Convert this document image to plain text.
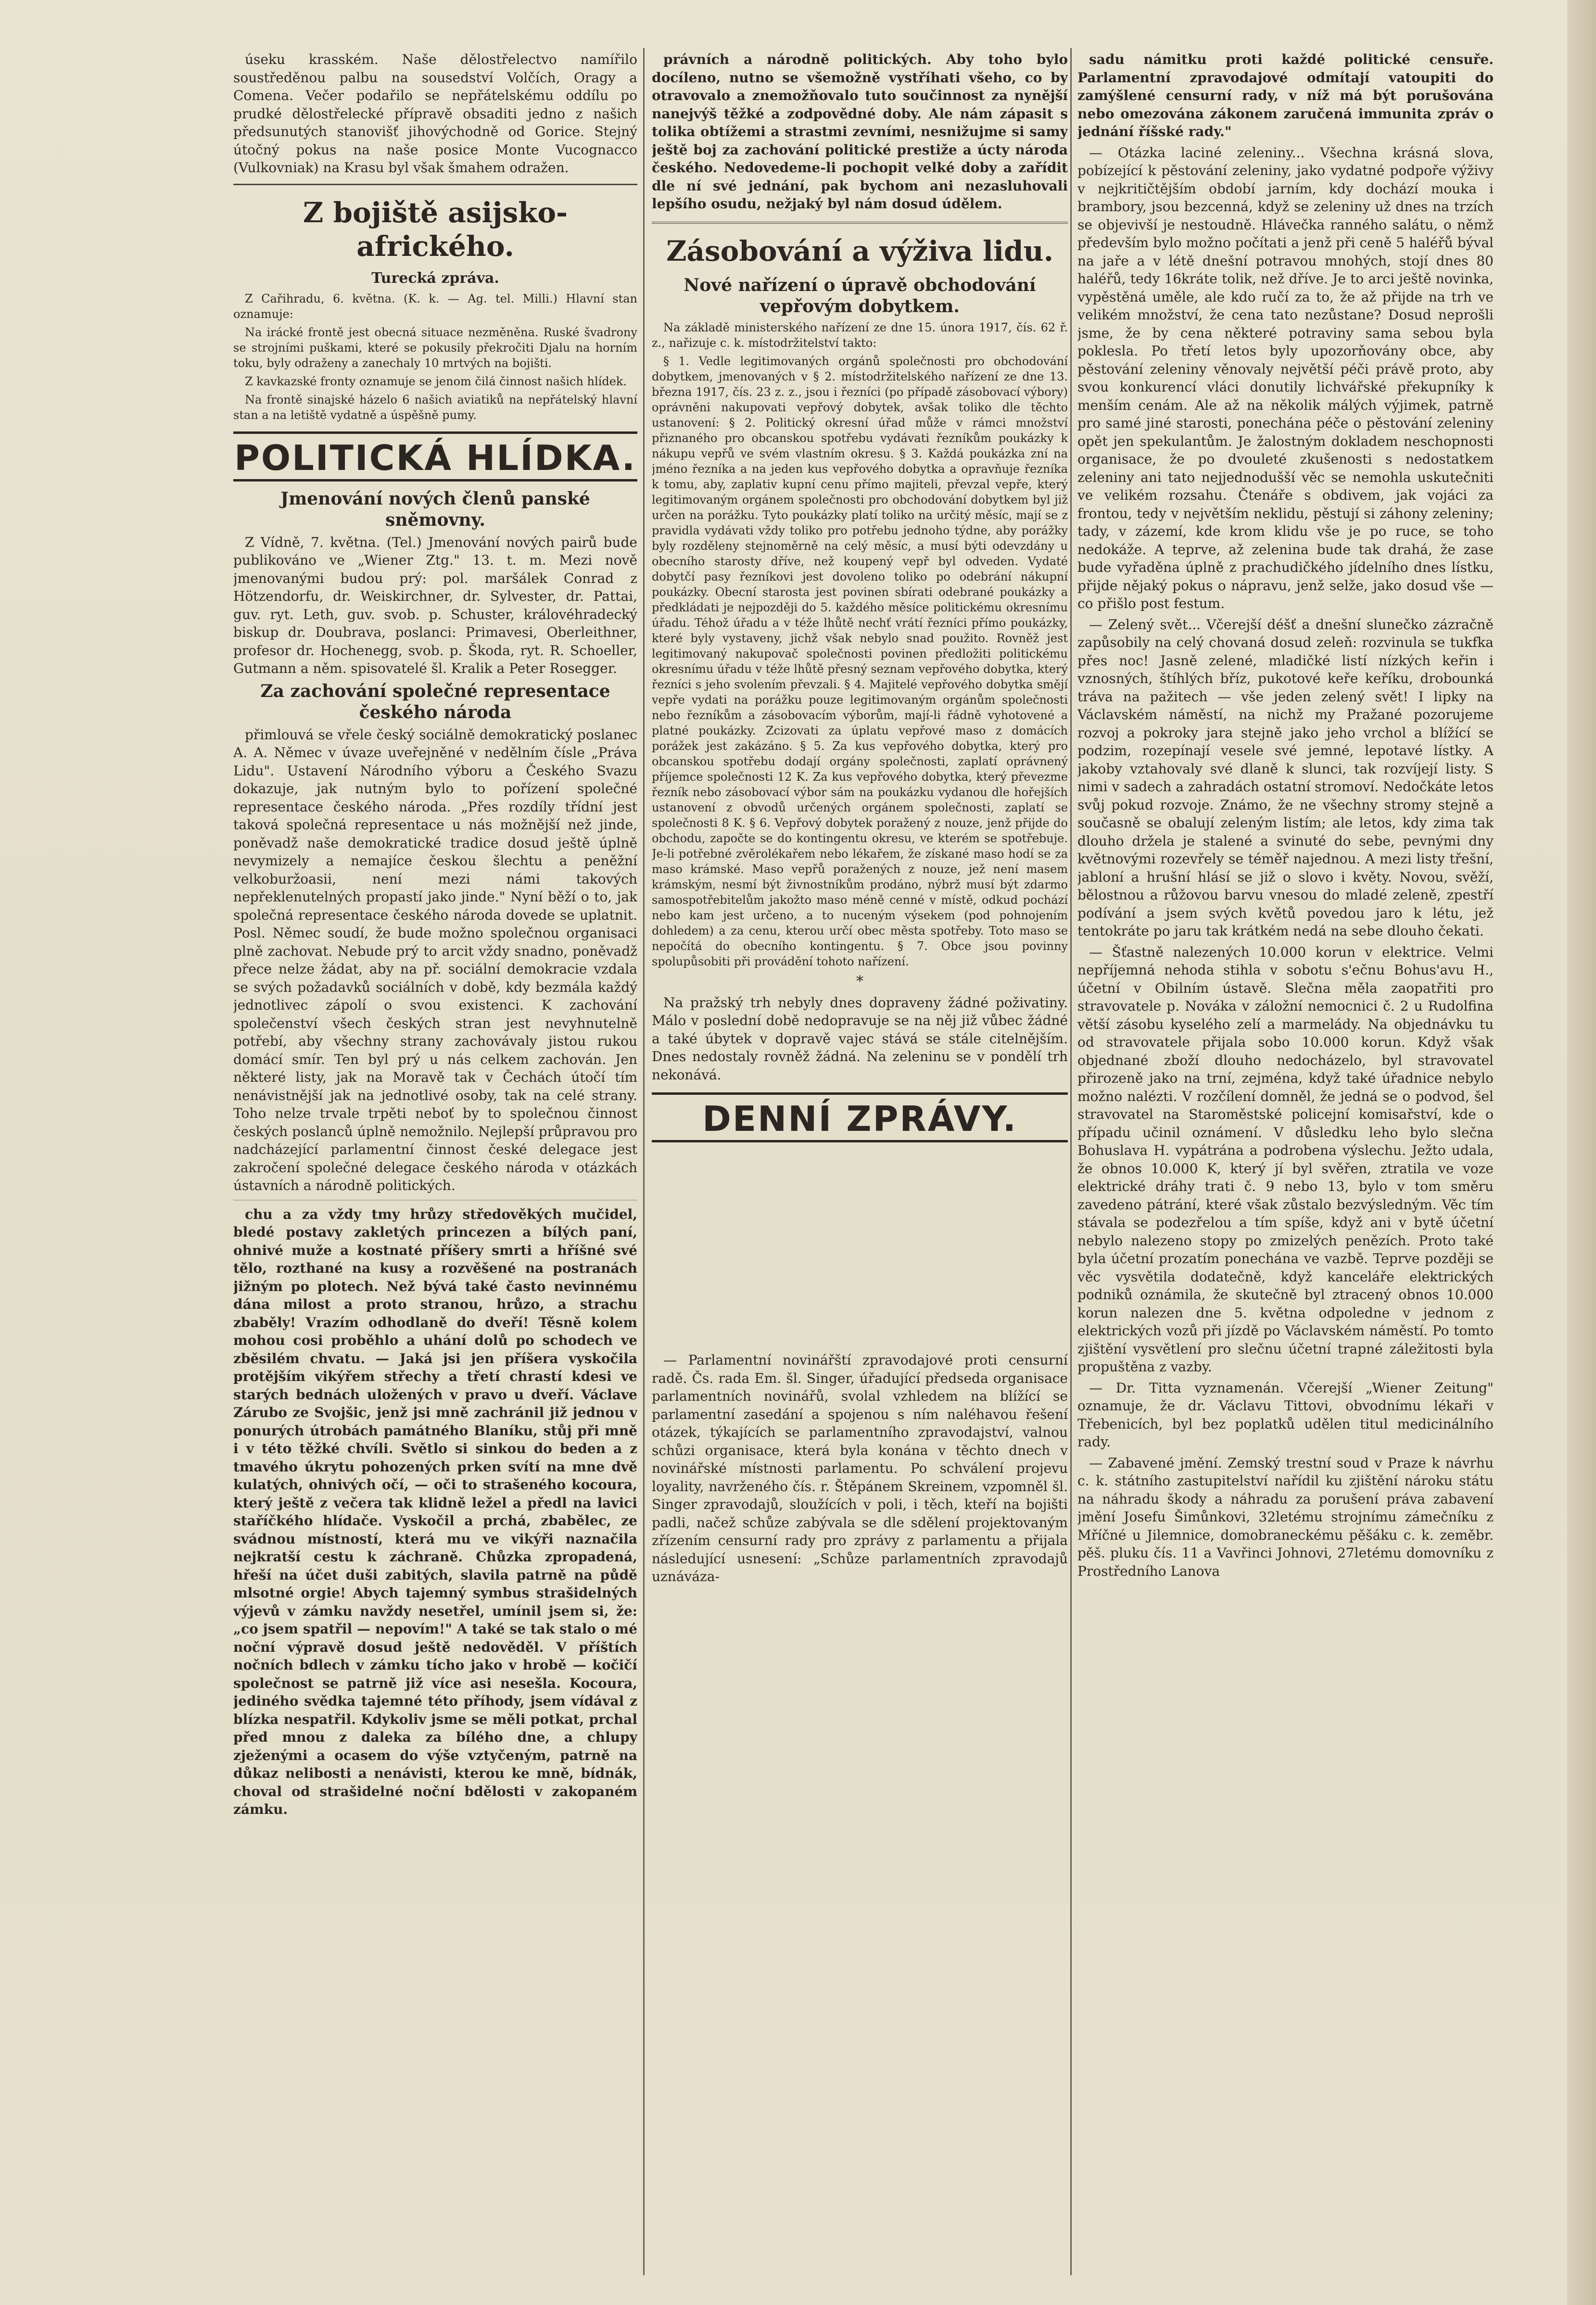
úseku krasském. Naše dělostřelectvo namířilo soustředěnou palbu na sousedství Volčích, Oragy a Comena. Večer podařilo se nepřátelskému oddílu po prudké dělostřelecké přípravě obsaditi jedno z našich předsunutých stanovišť jihovýchodně od Gorice. Stejný útočný pokus na naše posice Monte Vucognacco (Vulkovniak) na Krasu byl však šmahem odražen.

Z bojiště asijsko-afrického.
Turecká zpráva.

Z Cařihradu, 6. května. (K. k. — Ag. tel. Milli.) Hlavní stan oznamuje:

Na irácké frontě jest obecná situace nezměněna. Ruské švadrony se strojními puškami, které se pokusily překročiti Djalu na horním toku, byly odraženy a zanechaly 10 mrtvých na bojišti.

Z kavkazské fronty oznamuje se jenom čilá činnost našich hlídek.

Na frontě sinajské házelo 6 našich aviatiků na nepřátelský hlavní stan a na letiště vydatně a úspěšně pumy.

POLITICKÁ HLÍDKA.
Jmenování nových členů panské sněmovny.

Z Vídně, 7. května. (Tel.) Jmenování nových pairů bude publikováno ve „Wiener Ztg." 13. t. m. Mezi nově jmenovanými budou prý: pol. maršálek Conrad z Hötzendorfu, dr. Weiskirchner, dr. Sylvester, dr. Pattai, guv. ryt. Leth, guv. svob. p. Schuster, královéhradecký biskup dr. Doubrava, poslanci: Primavesi, Oberleithner, profesor dr. Hochenegg, svob. p. Škoda, ryt. R. Schoeller, Gutmann a něm. spisovatelé šl. Kralik a Peter Rosegger.

Za zachování společné representace českého národa

přimlouvá se vřele český sociálně demokratický poslanec A. A. Němec v úvaze uveřejněné v nedělním čísle „Práva Lidu". Ustavení Národního výboru a Českého Svazu dokazuje, jak nutným bylo to pořízení společné representace českého národa. „Přes rozdíly třídní jest taková společná representace u nás možnější než jinde, poněvadž naše demokratické tradice dosud ještě úplně nevymizely a nemajíce českou šlechtu a peněžní velkoburžoasii, není mezi námi takových nepřeklenutelných propastí jako jinde." Nyní běží o to, jak společná representace českého národa dovede se uplatnit. Posl. Němec soudí, že bude možno společnou organisaci plně zachovat. Nebude prý to arcit vždy snadno, poněvadž přece nelze žádat, aby na př. sociální demokracie vzdala se svých požadavků sociálních v době, kdy bezmála každý jednotlivec zápolí o svou existenci. K zachování společenství všech českých stran jest nevyhnutelně potřebí, aby všechny strany zachovávaly jistou rukou domácí smír. Ten byl prý u nás celkem zachován. Jen některé listy, jak na Moravě tak v Čechách útočí tím nenávistnější jak na jednotlivé osoby, tak na celé strany. Toho nelze trvale trpěti neboť by to společnou činnost českých poslanců úplně nemožnilo. Nejlepší průpravou pro nadcházející parlamentní činnost české delegace jest zakročení společné delegace českého národa v otázkách ústavních a národně politických.

chu a za vždy tmy hrůzy středověkých mučidel, bledé postavy zakletých princezen a bílých paní, ohnivé muže a kostnaté příšery smrti a hříšné své tělo, rozthané na kusy a rozvěšené na postranách jižným po plotech. Než bývá také často nevinnému dána milost a proto stranou, hrůzo, a strachu zbaběly! Vrazím odhodlaně do dveří! Těsně kolem mohou cosi proběhlo a uhání dolů po schodech ve zběsilém chvatu. — Jaká jsi jen příšera vyskočila protějším vikýřem střechy a třetí chrastí kdesi ve starých bednách uložených v pravo u dveří. Václave Zárubo ze Svojšic, jenž jsi mně zachránil již jednou v ponurých útrobách památného Blaníku, stůj při mně i v této těžké chvíli. Světlo si sinkou do beden a z tmavého úkrytu pohozených prken svítí na mne dvě kulatých, ohnivých očí, — oči to strašeného kocoura, který ještě z večera tak klidně ležel a předl na lavici staříčkého hlídače. Vyskočil a prchá, zbabělec, ze svádnou místností, která mu ve vikýři naznačila nejkratší cestu k záchraně. Chůzka zpropadená, hřeší na účet duši zabitých, slavila patrně na půdě mlsotné orgie! Abych tajemný symbus strašidelných výjevů v zámku navždy nesetřel, umínil jsem si, že: „co jsem spatřil — nepovím!" A také se tak stalo o mé noční výpravě dosud ještě nedověděl. V příštích nočních bdlech v zámku tícho jako v hrobě — kočičí společnost se patrně již více asi nesešla. Kocoura, jediného svědka tajemné této příhody, jsem vídával z blízka nespatřil. Kdykoliv jsme se měli potkat, prchal před mnou z daleka za bílého dne, a chlupy zježenými a ocasem do výše vztyčeným, patrně na důkaz nelibosti a nenávisti, kterou ke mně, bídnák, choval od strašidelné noční bdělosti v zakopaném zámku.

právních a národně politických. Aby toho bylo docíleno, nutno se všemožně vystříhati všeho, co by otravovalo a znemožňovalo tuto součinnost za nynější nanejvýš těžké a zodpovědné doby. Ale nám zápasit s tolika obtížemi a strastmi zevními, nesnižujme si samy ještě boj za zachování politické prestiže a úcty národa českého. Nedovedeme-li pochopit velké doby a zařídit dle ní své jednání, pak bychom ani nezasluhovali lepšího osudu, nežjaký byl nám dosud údělem.

Zásobování a výživa lidu.
Nové nařízení o úpravě obchodování vepřovým dobytkem.

Na základě ministerského nařízení ze dne 15. února 1917, čís. 62 ř. z., nařizuje c. k. místodržitelství takto:

§ 1. Vedle legitimovaných orgánů společnosti pro obchodování dobytkem, jmenovaných v § 2. místodržitelského nařízení ze dne 13. března 1917, čís. 23 z. z., jsou i řezníci (po případě zásobovací výbory) oprávněni nakupovati vepřový dobytek, avšak toliko dle těchto ustanovení: § 2. Politický okresní úřad může v rámci množství přiznaného pro obcanskou spotřebu vydávati řezníkům poukázky k nákupu vepřů ve svém vlastním okresu. § 3. Každá poukázka zní na jméno řezníka a na jeden kus vepřového dobytka a opravňuje řezníka k tomu, aby, zaplativ kupní cenu přímo majiteli, převzal vepře, který legitimovaným orgánem společnosti pro obchodování dobytkem byl již určen na porážku. Tyto poukázky platí toliko na určitý měsíc, mají se z pravidla vydávati vždy toliko pro potřebu jednoho týdne, aby porážky byly rozděleny stejnoměrně na celý měsíc, a musí býti odevzdány u obecního starosty dříve, než koupený vepř byl odveden. Vydaté dobytčí pasy řezníkovi jest dovoleno toliko po odebrání nákupní poukázky. Obecní starosta jest povinen sbírati odebrané poukázky a předkládati je nejpozději do 5. každého měsíce politickému okresnímu úřadu. Téhož úřadu a v téže lhůtě nechť vrátí řezníci přímo poukázky, které byly vystaveny, jichž však nebylo snad použito. Rovněž jest legitimovaný nakupovač společnosti povinen předložiti politickému okresnímu úřadu v téže lhůtě přesný seznam vepřového dobytka, který řezníci s jeho svolením převzali. § 4. Majitelé vepřového dobytka smějí vepře vydati na porážku pouze legitimovaným orgánům společnosti nebo řezníkům a zásobovacím výborům, mají-li řádně vyhotovené a platné poukázky. Zcizovati za úplatu vepřové maso z domácích porážek jest zakázáno. § 5. Za kus vepřového dobytka, který pro obcanskou spotřebu dodají orgány společnosti, zaplatí oprávnený příjemce společnosti 12 K. Za kus vepřového dobytka, který převezme řezník nebo zásobovací výbor sám na poukázku vydanou dle hořejších ustanovení z obvodů určených orgánem společnosti, zaplatí se společnosti 8 K. § 6. Vepřový dobytek poražený z nouze, jenž přijde do obchodu, započte se do kontingentu okresu, ve kterém se spotřebuje. Je-li potřebné zvěrolékařem nebo lékařem, že získané maso hodí se za maso krámské. Maso vepřů poražených z nouze, jež není masem krámským, nesmí být živnostníkům prodáno, nýbrž musí být zdarmo samospotřebitelům jakožto maso méně cenné v místě, odkud pochází nebo kam jest určeno, a to nuceným výsekem (pod pohnojením dohledem) a za cenu, kterou určí obec města spotřeby. Toto maso se nepočítá do obecního kontingentu. § 7. Obce jsou povinny spolupůsobiti při provádění tohoto nařízení.

*

Na pražský trh nebyly dnes dopraveny žádné poživatiny. Málo v poslední době nedopravuje se na něj již vůbec žádné a také úbytek v dopravě vajec stává se stále citelnějším. Dnes nedostaly rovněž žádná. Na zeleninu se v pondělí trh nekonává.

DENNÍ ZPRÁVY.

— Parlamentní novinářští zpravodajové proti censurní radě. Čs. rada Em. šl. Singer, úřadující předseda organisace parlamentních novinářů, svolal vzhledem na blížící se parlamentní zasedání a spojenou s ním naléhavou řešení otázek, týkajících se parlamentního zpravodajství, valnou schůzi organisace, která byla konána v těchto dnech v novinářské místnosti parlamentu. Po schválení projevu loyality, navrženého čís. r. Štěpánem Skreinem, vzpomněl šl. Singer zpravodajů, sloužících v poli, i těch, kteří na bojišti padli, načež schůze zabývala se dle sdělení projektovaným zřízením censurní rady pro zprávy z parlamentu a přijala následující usnesení: „Schůze parlamentních zpravodajů uznáváza-

sadu námitku proti každé politické censuře. Parlamentní zpravodajové odmítají vatoupiti do zamýšlené censurní rady, v níž má být porušována nebo omezována zákonem zaručená immunita zpráv o jednání říšské rady."

— Otázka laciné zeleniny... Všechna krásná slova, pobízející k pěstování zeleniny, jako vydatné podpoře výživy v nejkritičtějším období jarním, kdy dochází mouka i brambory, jsou bezcenná, když se zeleniny už dnes na trzích se objevivší je nestoudně. Hlávečka ranného salátu, o němž především bylo možno počítati a jenž při ceně 5 haléřů býval na jaře a v létě dnešní potravou mnohých, stojí dnes 80 haléřů, tedy 16kráte tolik, než dříve. Je to arci ještě novinka, vypěstěná uměle, ale kdo ručí za to, že až přijde na trh ve velikém množství, že cena tato nezůstane? Dosud neprošli jsme, že by cena některé potraviny sama sebou byla poklesla. Po třetí letos byly upozorňovány obce, aby pěstování zeleniny věnovaly největší péči právě proto, aby svou konkurencí vláci donutily lichvářské překupníky k menším cenám. Ale až na několik málých výjimek, patrně pro samé jiné starosti, ponechána péče o pěstování zeleniny opět jen spekulantům. Je žalostným dokladem neschopnosti organisace, že po dvouleté zkušenosti s nedostatkem zeleniny ani tato nejjednodušší věc se nemohla uskutečniti ve velikém rozsahu. Čtenáře s obdivem, jak vojáci za frontou, tedy v největším neklidu, pěstují si záhony zeleniny; tady, v zázemí, kde krom klidu vše je po ruce, se toho nedokáže. A teprve, až zelenina bude tak drahá, že zase bude vyřaděna úplně z prachudičkého jídelního dnes lístku, přijde nějaký pokus o nápravu, jenž selže, jako dosud vše — co přišlo post festum.

— Zelený svět... Včerejší déšť a dnešní slunečko zázračně zapůsobily na celý chovaná dosud zeleň: rozvinula se tukfka přes noc! Jasně zelené, mladičké listí nízkých keřin i vznosných, štíhlých bříz, pukotové keře keříku, drobounká tráva na pažitech — vše jeden zelený svět! I lipky na Václavském náměstí, na nichž my Pražané pozorujeme rozvoj a pokroky jara stejně jako jeho vrchol a blížící se podzim, rozepínají vesele své jemné, lepotavé lístky. A jakoby vztahovaly své dlaně k slunci, tak rozvíjejí listy. S nimi v sadech a zahradách ostatní stromoví. Nedočkáte letos svůj pokud rozvoje. Známo, že ne všechny stromy stejně a současně se obalují zeleným listím; ale letos, kdy zima tak dlouho držela je stalené a svinuté do sebe, pevnými dny květnovými rozevřely se téměř najednou. A mezi listy třešní, jabloní a hrušní hlásí se již o slovo i květy. Novou, svěží, bělostnou a růžovou barvu vnesou do mladé zeleně, zpestří podívání a jsem svých květů povedou jaro k létu, jež tentokráte po jaru tak krátkém nedá na sebe dlouho čekati.

— Šťastně nalezených 10.000 korun v elektrice. Velmi nepříjemná nehoda stihla v sobotu s'ečnu Bohus'avu H., účetní v Obilním ústavě. Slečna měla zaopatřiti pro stravovatele p. Nováka v záložní nemocnici č. 2 u Rudolfina větší zásobu kyselého zelí a marmelády. Na objednávku tu od stravovatele přijala sobo 10.000 korun. Když však objednané zboží dlouho nedocházelo, byl stravovatel přirozeně jako na trní, zejména, když také úřadnice nebylo možno nalézti. V rozčílení domněl, že jedná se o podvod, šel stravovatel na Staroměstské policejní komisařství, kde o případu učinil oznámení. V důsledku leho bylo slečna Bohuslava H. vypátrána a podrobena výslechu. Ježto udala, že obnos 10.000 K, který jí byl svěřen, ztratila ve voze elektrické dráhy trati č. 9 nebo 13, bylo v tom směru zavedeno pátrání, které však zůstalo bezvýsledným. Věc tím stávala se podezřelou a tím spíše, když ani v bytě účetní nebylo nalezeno stopy po zmizelých penězích. Proto také byla účetní prozatím ponechána ve vazbě. Teprve později se věc vysvětila dodatečně, když kanceláře elektrických podniků oznámila, že skutečně byl ztracený obnos 10.000 korun nalezen dne 5. května odpoledne v jednom z elektrických vozů při jízdě po Václavském náměstí. Po tomto zjištění vysvětlení pro slečnu účetní trapné záležitosti byla propuštěna z vazby.

— Dr. Titta vyznamenán. Včerejší „Wiener Zeitung" oznamuje, že dr. Václavu Tittovi, obvodnímu lékaři v Třebenicích, byl bez poplatků udělen titul medicinálního rady.

— Zabavené jmění. Zemský trestní soud v Praze k návrhu c. k. státního zastupitelství nařídil ku zjištění nároku státu na náhradu škody a náhradu za porušení práva zabavení jmění Josefu Šimůnkovi, 32letému strojnímu zámečníku z Mříčné u Jilemnice, domobraneckému pěšáku c. k. zeměbr. pěš. pluku čís. 11 a Vavřinci Johnovi, 27letému domovníku z Prostředního Lanova
